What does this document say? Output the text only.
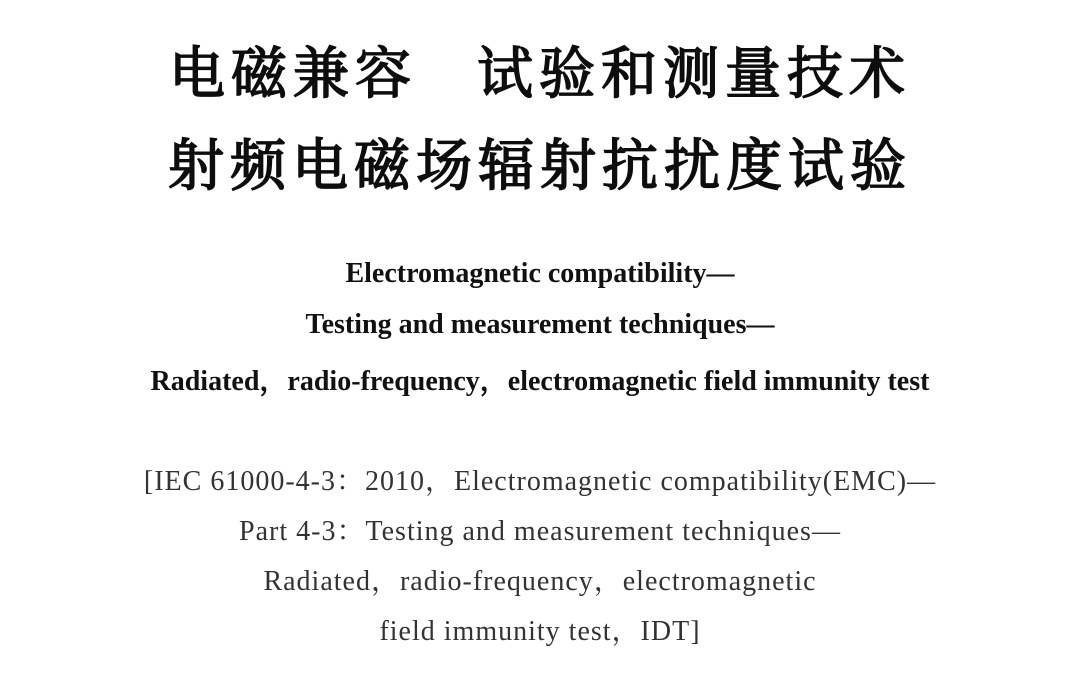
电磁兼容 试验和测量技术
射频电磁场辐射抗扰度试验
Electromagnetic compatibility—
Testing and measurement techniques—
Radiated，radio-frequency，electromagnetic field immunity test
[IEC 61000-4-3：2010，Electromagnetic compatibility(EMC)—
Part 4-3：Testing and measurement techniques—
Radiated，radio-frequency，electromagnetic
field immunity test，IDT]
